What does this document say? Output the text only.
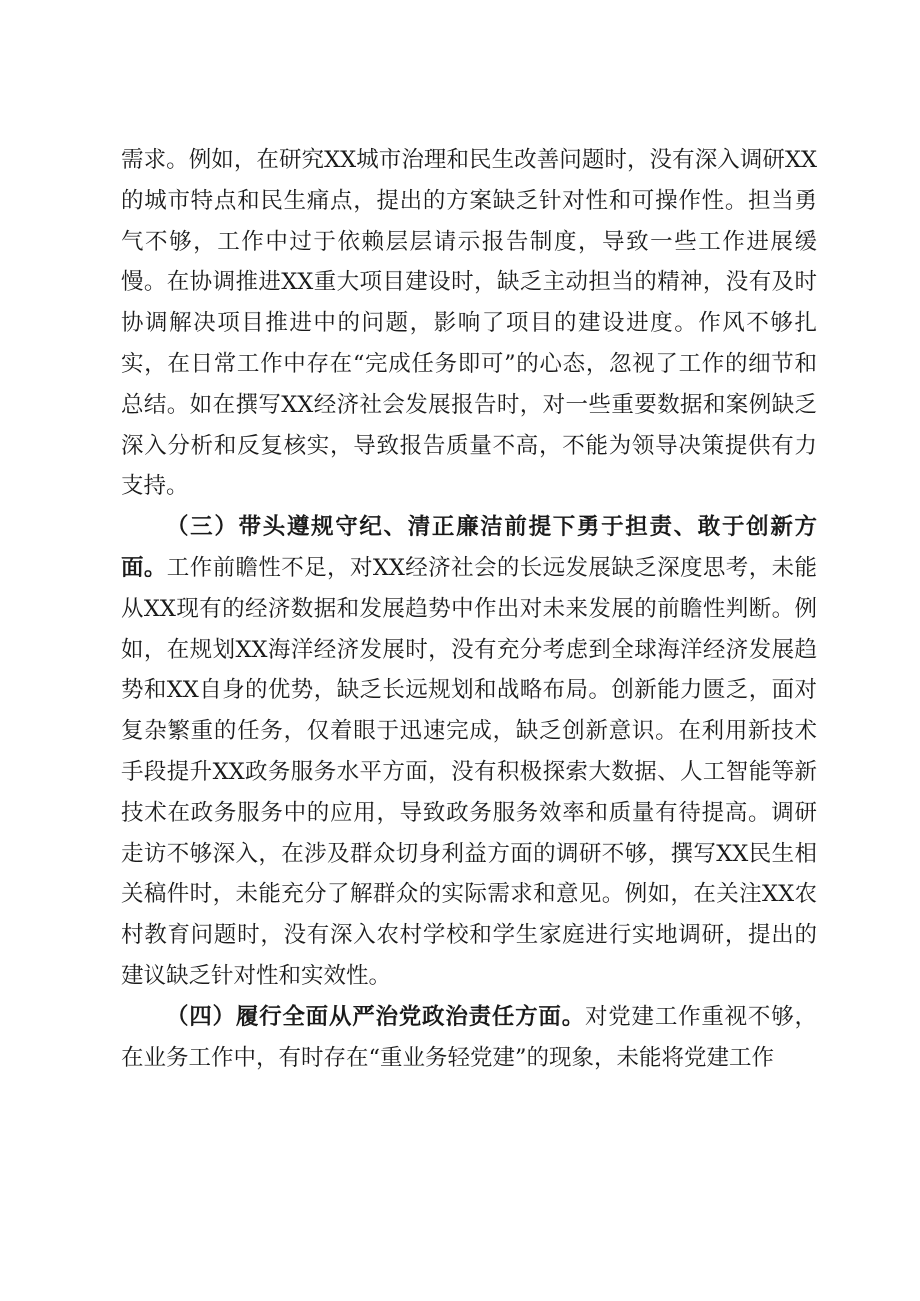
需求。例如，在研究XX城市治理和民生改善问题时，没有深入调研XX的城市特点和民生痛点，提出的方案缺乏针对性和可操作性。担当勇气不够，工作中过于依赖层层请示报告制度，导致一些工作进展缓慢。在协调推进XX重大项目建设时，缺乏主动担当的精神，没有及时协调解决项目推进中的问题，影响了项目的建设进度。作风不够扎实，在日常工作中存在“完成任务即可”的心态，忽视了工作的细节和总结。如在撰写XX经济社会发展报告时，对一些重要数据和案例缺乏深入分析和反复核实，导致报告质量不高，不能为领导决策提供有力支持。

（三）带头遵规守纪、清正廉洁前提下勇于担责、敢于创新方面。工作前瞻性不足，对XX经济社会的长远发展缺乏深度思考，未能从XX现有的经济数据和发展趋势中作出对未来发展的前瞻性判断。例如，在规划XX海洋经济发展时，没有充分考虑到全球海洋经济发展趋势和XX自身的优势，缺乏长远规划和战略布局。创新能力匮乏，面对复杂繁重的任务，仅着眼于迅速完成，缺乏创新意识。在利用新技术手段提升XX政务服务水平方面，没有积极探索大数据、人工智能等新技术在政务服务中的应用，导致政务服务效率和质量有待提高。调研走访不够深入，在涉及群众切身利益方面的调研不够，撰写XX民生相关稿件时，未能充分了解群众的实际需求和意见。例如，在关注XX农村教育问题时，没有深入农村学校和学生家庭进行实地调研，提出的建议缺乏针对性和实效性。

（四）履行全面从严治党政治责任方面。对党建工作重视不够，在业务工作中，有时存在“重业务轻党建”的现象，未能将党建工作
